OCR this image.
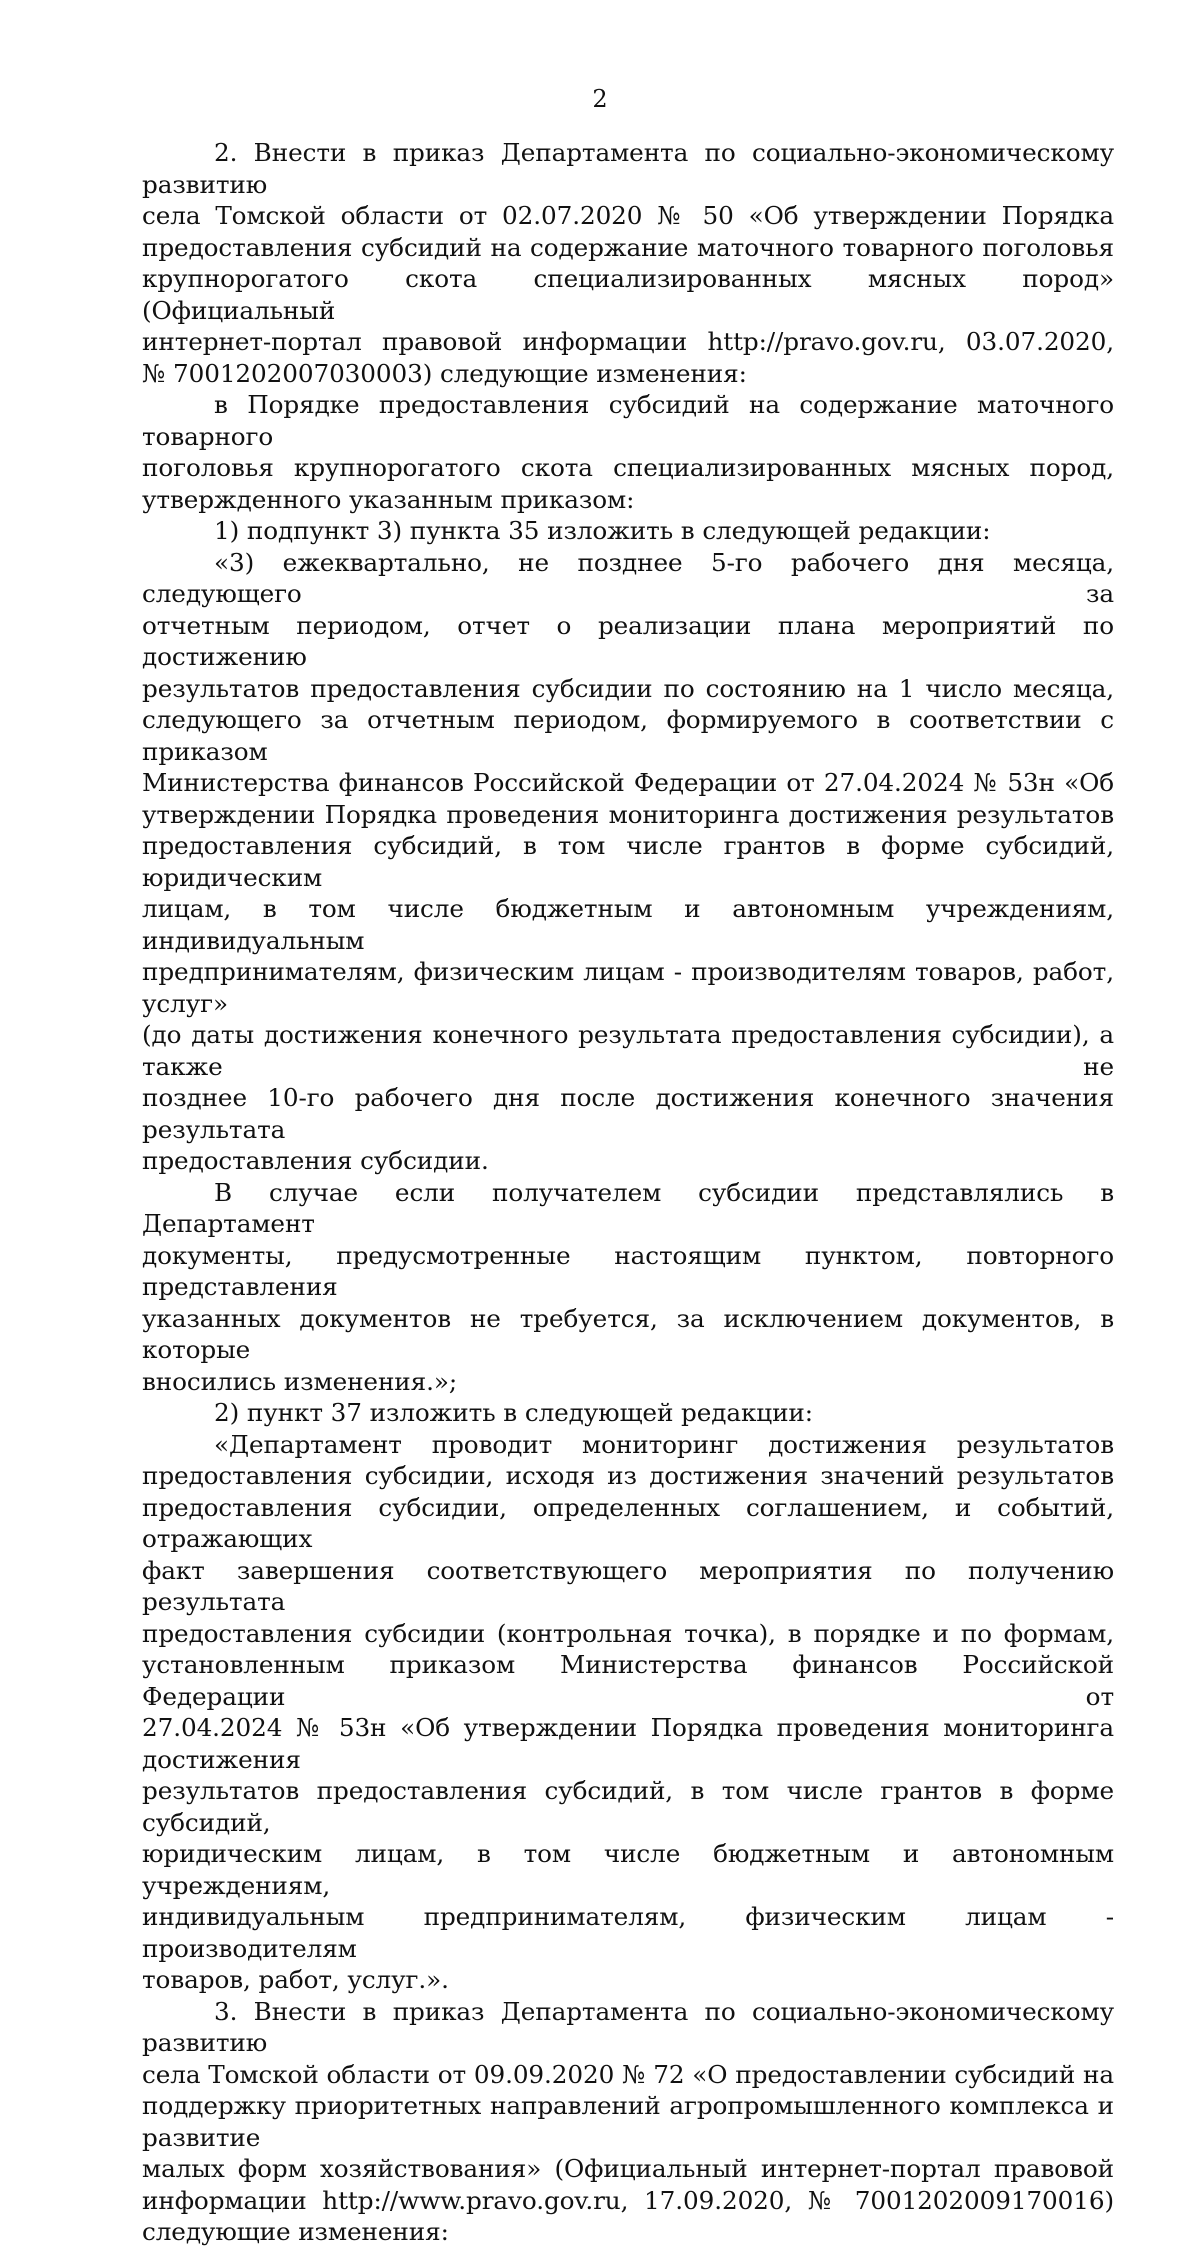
2
2. Внести в приказ Департамента по социально-экономическому развитию
села Томской области от 02.07.2020 № 50 «Об утверждении Порядка
предоставления субсидий на содержание маточного товарного поголовья
крупнорогатого скота специализированных мясных пород» (Официальный
интернет-портал правовой информации http://pravo.gov.ru, 03.07.2020,
№ 7001202007030003) следующие изменения:
в Порядке предоставления субсидий на содержание маточного товарного
поголовья крупнорогатого скота специализированных мясных пород,
утвержденного указанным приказом:
1) подпункт 3) пункта 35 изложить в следующей редакции:
«3) ежеквартально, не позднее 5-го рабочего дня месяца, следующего за
отчетным периодом, отчет о реализации плана мероприятий по достижению
результатов предоставления субсидии по состоянию на 1 число месяца,
следующего за отчетным периодом, формируемого в соответствии с приказом
Министерства финансов Российской Федерации от 27.04.2024 № 53н «Об
утверждении Порядка проведения мониторинга достижения результатов
предоставления субсидий, в том числе грантов в форме субсидий, юридическим
лицам, в том числе бюджетным и автономным учреждениям, индивидуальным
предпринимателям, физическим лицам - производителям товаров, работ, услуг»
(до даты достижения конечного результата предоставления субсидии), а также не
позднее 10-го рабочего дня после достижения конечного значения результата
предоставления субсидии.
В случае если получателем субсидии представлялись в Департамент
документы, предусмотренные настоящим пунктом, повторного представления
указанных документов не требуется, за исключением документов, в которые
вносились изменения.»;
2) пункт 37 изложить в следующей редакции:
«Департамент проводит мониторинг достижения результатов
предоставления субсидии, исходя из достижения значений результатов
предоставления субсидии, определенных соглашением, и событий, отражающих
факт завершения соответствующего мероприятия по получению результата
предоставления субсидии (контрольная точка), в порядке и по формам,
установленным приказом Министерства финансов Российской Федерации от
27.04.2024 № 53н «Об утверждении Порядка проведения мониторинга достижения
результатов предоставления субсидий, в том числе грантов в форме субсидий,
юридическим лицам, в том числе бюджетным и автономным учреждениям,
индивидуальным предпринимателям, физическим лицам - производителям
товаров, работ, услуг.».
3. Внести в приказ Департамента по социально-экономическому развитию
села Томской области от 09.09.2020 № 72 «О предоставлении субсидий на
поддержку приоритетных направлений агропромышленного комплекса и развитие
малых форм хозяйствования» (Официальный интернет-портал правовой
информации http://www.pravo.gov.ru, 17.09.2020, № 7001202009170016)
следующие изменения:
